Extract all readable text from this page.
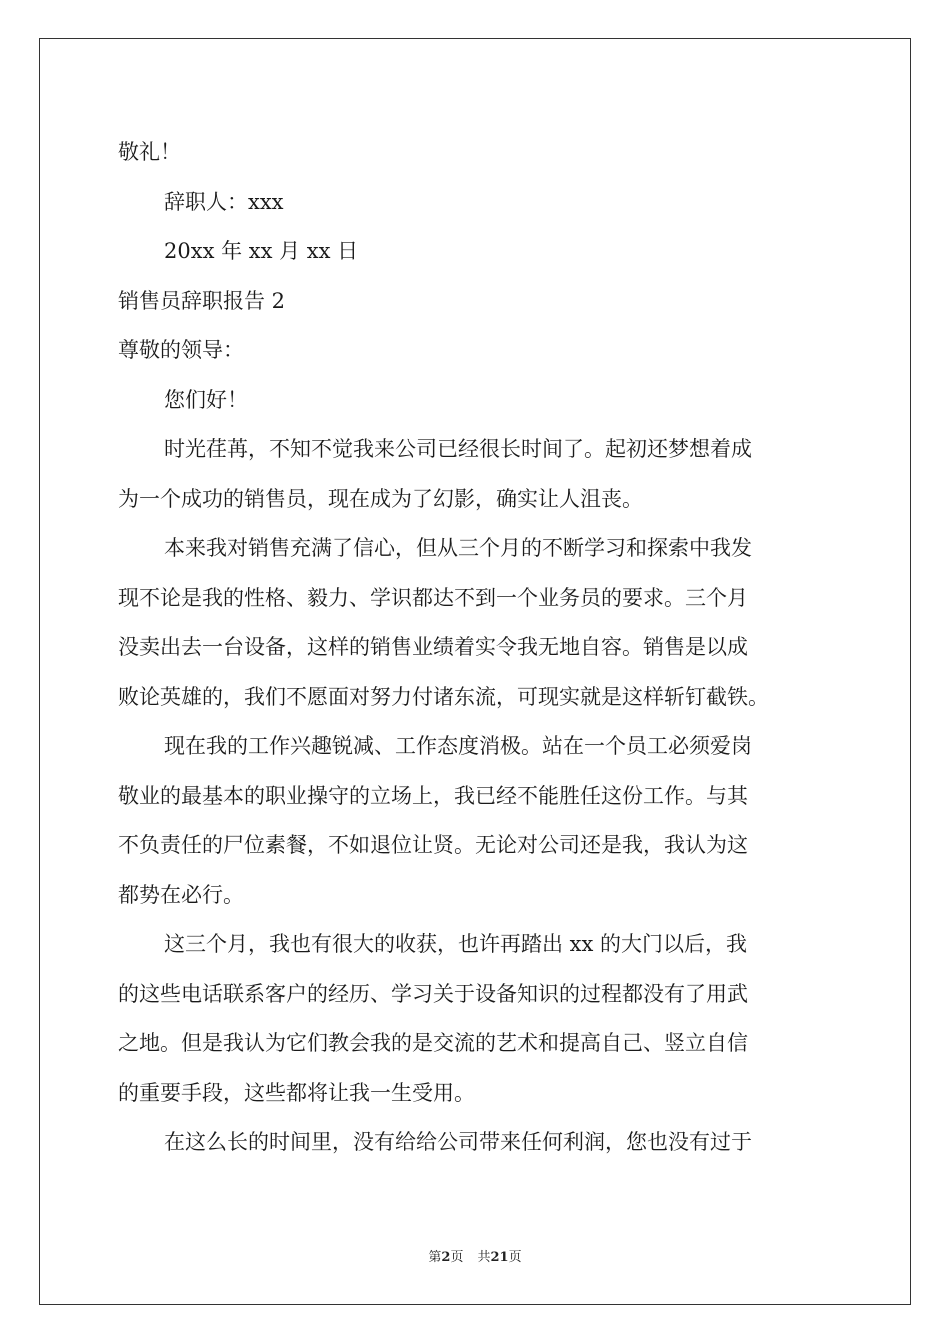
敬礼！
辞职人：xxx
20xx 年 xx 月 xx 日
销售员辞职报告 2
尊敬的领导：
您们好！
时光荏苒，不知不觉我来公司已经很长时间了。起初还梦想着成
为一个成功的销售员，现在成为了幻影，确实让人沮丧。
本来我对销售充满了信心，但从三个月的不断学习和探索中我发
现不论是我的性格、毅力、学识都达不到一个业务员的要求。三个月
没卖出去一台设备，这样的销售业绩着实令我无地自容。销售是以成
败论英雄的，我们不愿面对努力付诸东流，可现实就是这样斩钉截铁。
现在我的工作兴趣锐减、工作态度消极。站在一个员工必须爱岗
敬业的最基本的职业操守的立场上，我已经不能胜任这份工作。与其
不负责任的尸位素餐，不如退位让贤。无论对公司还是我，我认为这
都势在必行。
这三个月，我也有很大的收获，也许再踏出 xx 的大门以后，我
的这些电话联系客户的经历、学习关于设备知识的过程都没有了用武
之地。但是我认为它们教会我的是交流的艺术和提高自己、竖立自信
的重要手段，这些都将让我一生受用。
在这么长的时间里，没有给给公司带来任何利润，您也没有过于
第2页 共21页
